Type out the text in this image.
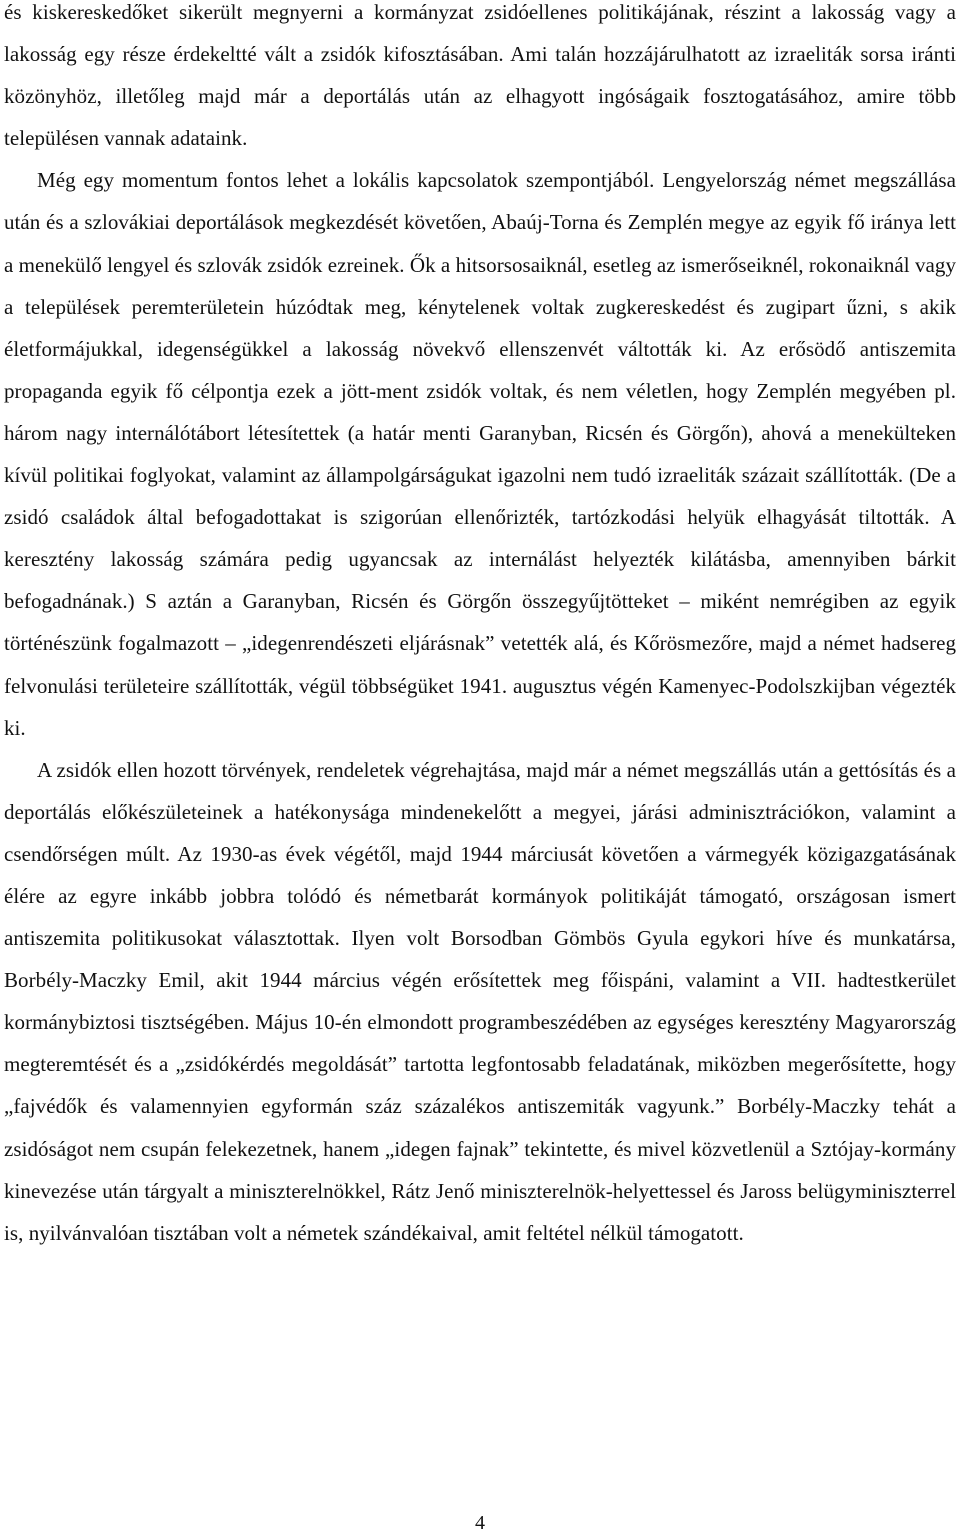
és kiskereskedőket sikerült megnyerni a kormányzat zsidóellenes politikájának, részint a lakosság vagy a lakosság egy része érdekeltté vált a zsidók kifosztásában. Ami talán hozzájárulhatott az izraeliták sorsa iránti közönyhöz, illetőleg majd már a deportálás után az elhagyott ingóságaik fosztogatásához, amire több településen vannak adataink.

Még egy momentum fontos lehet a lokális kapcsolatok szempontjából. Lengyelország német megszállása után és a szlovákiai deportálások megkezdését követően, Abaúj-Torna és Zemplén megye az egyik fő iránya lett a menekülő lengyel és szlovák zsidók ezreinek. Ők a hitsorsosaiknál, esetleg az ismerőseiknél, rokonaiknál vagy a települések peremterületein húzódtak meg, kénytelenek voltak zugkereskedést és zugipart űzni, s akik életformájukkal, idegenségükkel a lakosság növekvő ellenszenvét váltották ki. Az erősödő antiszemita propaganda egyik fő célpontja ezek a jött-ment zsidók voltak, és nem véletlen, hogy Zemplén megyében pl. három nagy internálótábort létesítettek (a határ menti Garanyban, Ricsén és Görgőn), ahová a menekülteken kívül politikai foglyokat, valamint az állampolgárságukat igazolni nem tudó izraeliták százait szállították. (De a zsidó családok által befogadottakat is szigorúan ellenőrizték, tartózkodási helyük elhagyását tiltották. A keresztény lakosság számára pedig ugyancsak az internálást helyezték kilátásba, amennyiben bárkit befogadnának.) S aztán a Garanyban, Ricsén és Görgőn összegyűjtötteket – miként nemrégiben az egyik történészünk fogalmazott – „idegenrendészeti eljárásnak” vetették alá, és Kőrösmezőre, majd a német hadsereg felvonulási területeire szállították, végül többségüket 1941. augusztus végén Kamenyec-Podolszkijban végezték ki.

A zsidók ellen hozott törvények, rendeletek végrehajtása, majd már a német megszállás után a gettósítás és a deportálás előkészületeinek a hatékonysága mindenekelőtt a megyei, járási adminisztrációkon, valamint a csendőrségen múlt. Az 1930-as évek végétől, majd 1944 márciusát követően a vármegyék közigazgatásának élére az egyre inkább jobbra tolódó és németbarát kormányok politikáját támogató, országosan ismert antiszemita politikusokat választottak. Ilyen volt Borsodban Gömbös Gyula egykori híve és munkatársa, Borbély-Maczky Emil, akit 1944 március végén erősítettek meg főispáni, valamint a VII. hadtestkerület kormánybiztosi tisztségében. Május 10-én elmondott programbeszédében az egységes keresztény Magyarország megteremtését és a „zsidókérdés megoldását” tartotta legfontosabb feladatának, miközben megerősítette, hogy „fajvédők és valamennyien egyformán száz százalékos antiszemiták vagyunk.” Borbély-Maczky tehát a zsidóságot nem csupán felekezetnek, hanem „idegen fajnak” tekintette, és mivel közvetlenül a Sztójay-kormány kinevezése után tárgyalt a miniszterelnökkel, Rátz Jenő miniszterelnök-helyettessel és Jaross belügyminiszterrel is, nyilvánvalóan tisztában volt a németek szándékaival, amit feltétel nélkül támogatott.

4
